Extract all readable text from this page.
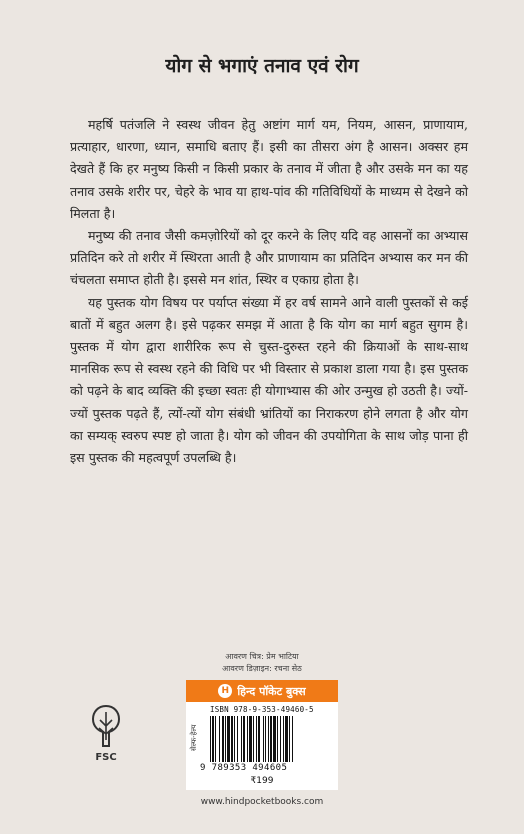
योग से भगाएं तनाव एवं रोग

महर्षि पतंजलि ने स्वस्थ जीवन हेतु अष्टांग मार्ग यम, नियम, आसन, प्राणायाम, प्रत्याहार, धारणा, ध्यान, समाधि बताए हैं। इसी का तीसरा अंग है आसन। अक्सर हम देखते हैं कि हर मनुष्य किसी न किसी प्रकार के तनाव में जीता है और उसके मन का यह तनाव उसके शरीर पर, चेहरे के भाव या हाथ-पांव की गतिविधियों के माध्यम से देखने को मिलता है।

मनुष्य की तनाव जैसी कमज़ोरियों को दूर करने के लिए यदि वह आसनों का अभ्यास प्रतिदिन करे तो शरीर में स्थिरता आती है और प्राणायाम का प्रतिदिन अभ्यास कर मन की चंचलता समाप्त होती है। इससे मन शांत, स्थिर व एकाग्र होता है।

यह पुस्तक योग विषय पर पर्याप्त संख्या में हर वर्ष सामने आने वाली पुस्तकों से कई बातों में बहुत अलग है। इसे पढ़कर समझ में आता है कि योग का मार्ग बहुत सुगम है। पुस्तक में योग द्वारा शारीरिक रूप से चुस्त-दुरुस्त रहने की क्रियाओं के साथ-साथ मानसिक रूप से स्वस्थ रहने की विधि पर भी विस्तार से प्रकाश डाला गया है। इस पुस्तक को पढ़ने के बाद व्यक्ति की इच्छा स्वतः ही योगाभ्यास की ओर उन्मुख हो उठती है। ज्यों-ज्यों पुस्तक पढ़ते हैं, त्यों-त्यों योग संबंधी भ्रांतियों का निराकरण होने लगता है और योग का सम्यक् स्वरुप स्पष्ट हो जाता है। योग को जीवन की उपयोगिता के साथ जोड़ पाना ही इस पुस्तक की महत्वपूर्ण उपलब्धि है।

आवरण चित्र: प्रेम भाटिया
आवरण डिज़ाइन: रचना सेठ
FSC
H हिन्द पॉकेट बुक्स
ISBN 978-9-353-49460-5
सेल्फ-हेल्प
9 789353 494605
₹199
www.hindpocketbooks.com
